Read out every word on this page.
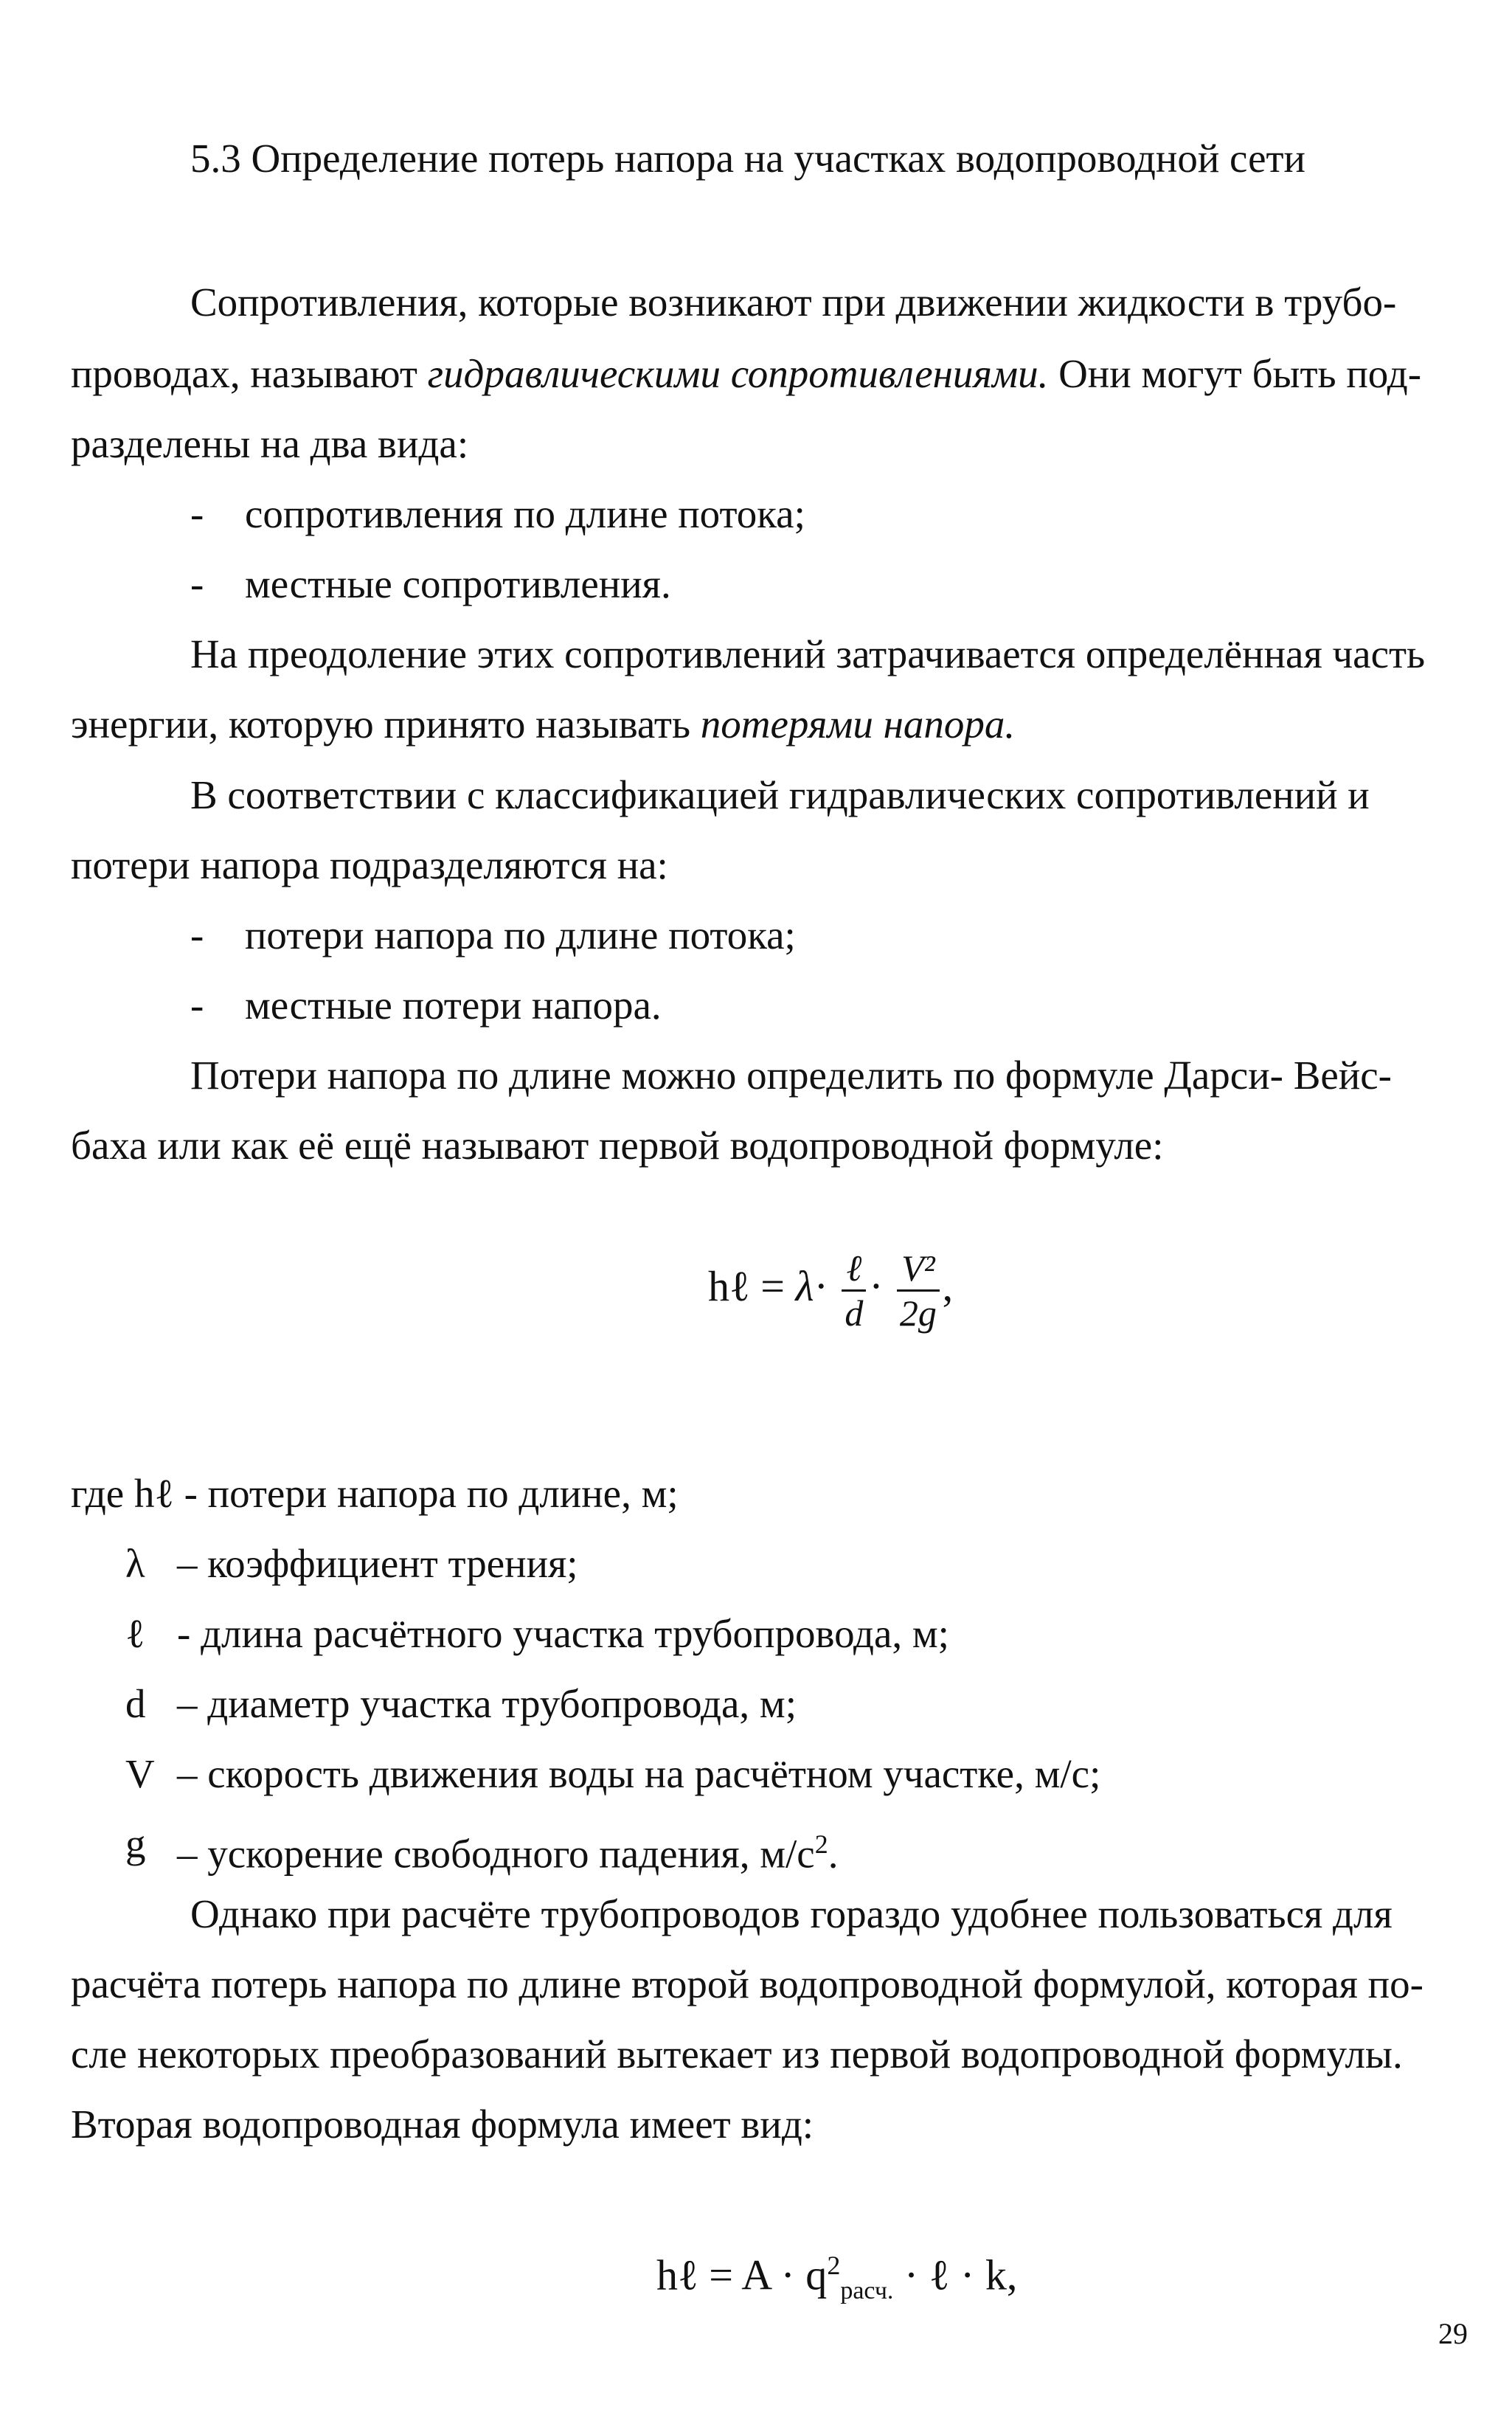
5.3 Определение потерь напора на участках водопроводной сети
Сопротивления, которые возникают при движении жидкости в трубо-
проводах, называют гидравлическими сопротивлениями. Они могут быть под-
разделены на два вида:
- сопротивления по длине потока;
- местные сопротивления.
На преодоление этих сопротивлений затрачивается определённая часть
энергии, которую принято называть потерями напора.
В соответствии с классификацией гидравлических сопротивлений и
потери напора подразделяются на:
- потери напора по длине потока;
- местные потери напора.
Потери напора по длине можно определить по формуле Дарси- Вейс-
баха или как её ещё называют первой водопроводной формуле:
hℓ = $\lambda\cdot \frac{\text{ℓ}}{d} \cdot \frac{\text{V²}}{2g}$ ,
где hℓ - потери напора по длине, м;
λ – коэффициент трения;
ℓ - длина расчётного участка трубопровода, м;
d – диаметр участка трубопровода, м;
V – скорость движения воды на расчётном участке, м/с;
g – ускорение свободного падения, $м/с^2$.
Однако при расчёте трубопроводов гораздо удобнее пользоваться для
расчёта потерь напора по длине второй водопроводной формулой, которая по-
сле некоторых преобразований вытекает из первой водопроводной формулы.
Вторая водопроводная формула имеет вид:
hℓ = $A \cdot q^2_{расч.}$ · ℓ · k,
29
